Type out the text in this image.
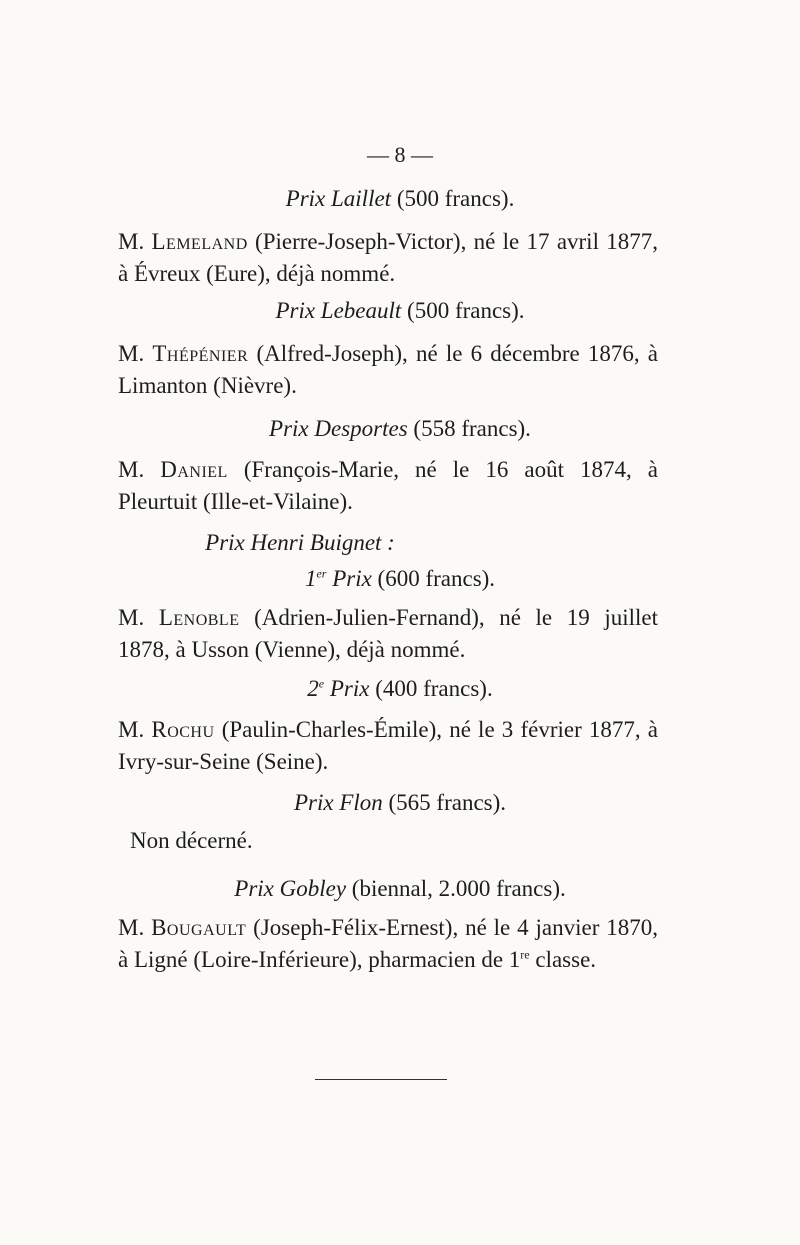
— 8 —
Prix Laillet (500 francs).
M. Lemeland (Pierre-Joseph-Victor), né le 17 avril 1877, à Évreux (Eure), déjà nommé.
Prix Lebeault (500 francs).
M. Thépénier (Alfred-Joseph), né le 6 décembre 1876, à Limanton (Nièvre).
Prix Desportes (558 francs).
M. Daniel (François-Marie, né le 16 août 1874, à Pleurtuit (Ille-et-Vilaine).
Prix Henri Buignet :
1er Prix (600 francs).
M. Lenoble (Adrien-Julien-Fernand), né le 19 juillet 1878, à Usson (Vienne), déjà nommé.
2e Prix (400 francs).
M. Rochu (Paulin-Charles-Émile), né le 3 février 1877, à Ivry-sur-Seine (Seine).
Prix Flon (565 francs).
Non décerné.
Prix Gobley (biennal, 2.000 francs).
M. Bougault (Joseph-Félix-Ernest), né le 4 janvier 1870, à Ligné (Loire-Inférieure), pharmacien de 1re classe.
